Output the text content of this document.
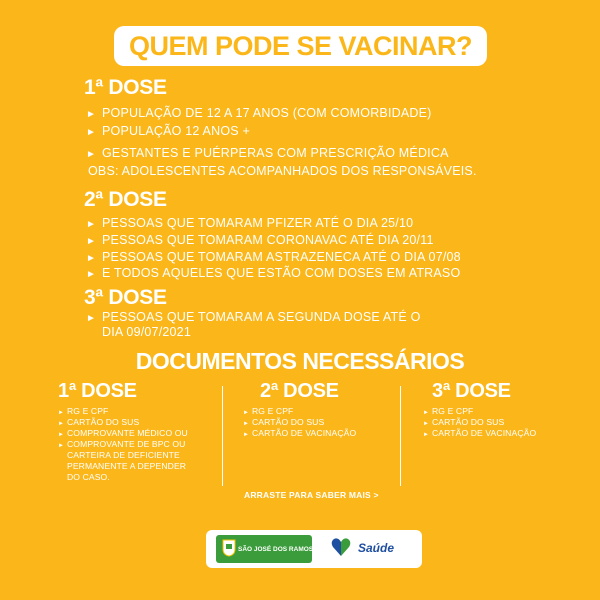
QUEM PODE SE VACINAR?
1ª DOSE
► POPULAÇÃO DE 12 A 17 ANOS (COM COMORBIDADE)
► POPULAÇÃO 12 ANOS +
► GESTANTES E PUÉRPERAS COM PRESCRIÇÃO MÉDICA
OBS: ADOLESCENTES ACOMPANHADOS DOS RESPONSÁVEIS.
2ª DOSE
► PESSOAS QUE TOMARAM PFIZER ATÉ O DIA 25/10
► PESSOAS QUE TOMARAM CORONAVAC ATÉ DIA 20/11
► PESSOAS QUE TOMARAM ASTRAZENECA ATÉ O DIA 07/08
► E TODOS AQUELES QUE ESTÃO COM DOSES EM ATRASO
3ª DOSE
► PESSOAS QUE TOMARAM A SEGUNDA DOSE ATÉ O
DIA 09/07/2021
DOCUMENTOS NECESSÁRIOS
1ª DOSE
► RG E CPF
► CARTÃO DO SUS
► COMPROVANTE MÉDICO OU
► COMPROVANTE DE BPC OU
CARTEIRA DE DEFICIENTE
PERMANENTE A DEPENDER
DO CASO.
2ª DOSE
► RG E CPF
► CARTÃO DO SUS
► CARTÃO DE VACINAÇÃO
3ª DOSE
► RG E CPF
► CARTÃO DO SUS
► CARTÃO DE VACINAÇÃO
ARRASTE PARA SABER MAIS >
SÃO JOSÉ DOS RAMOS	Saúde
